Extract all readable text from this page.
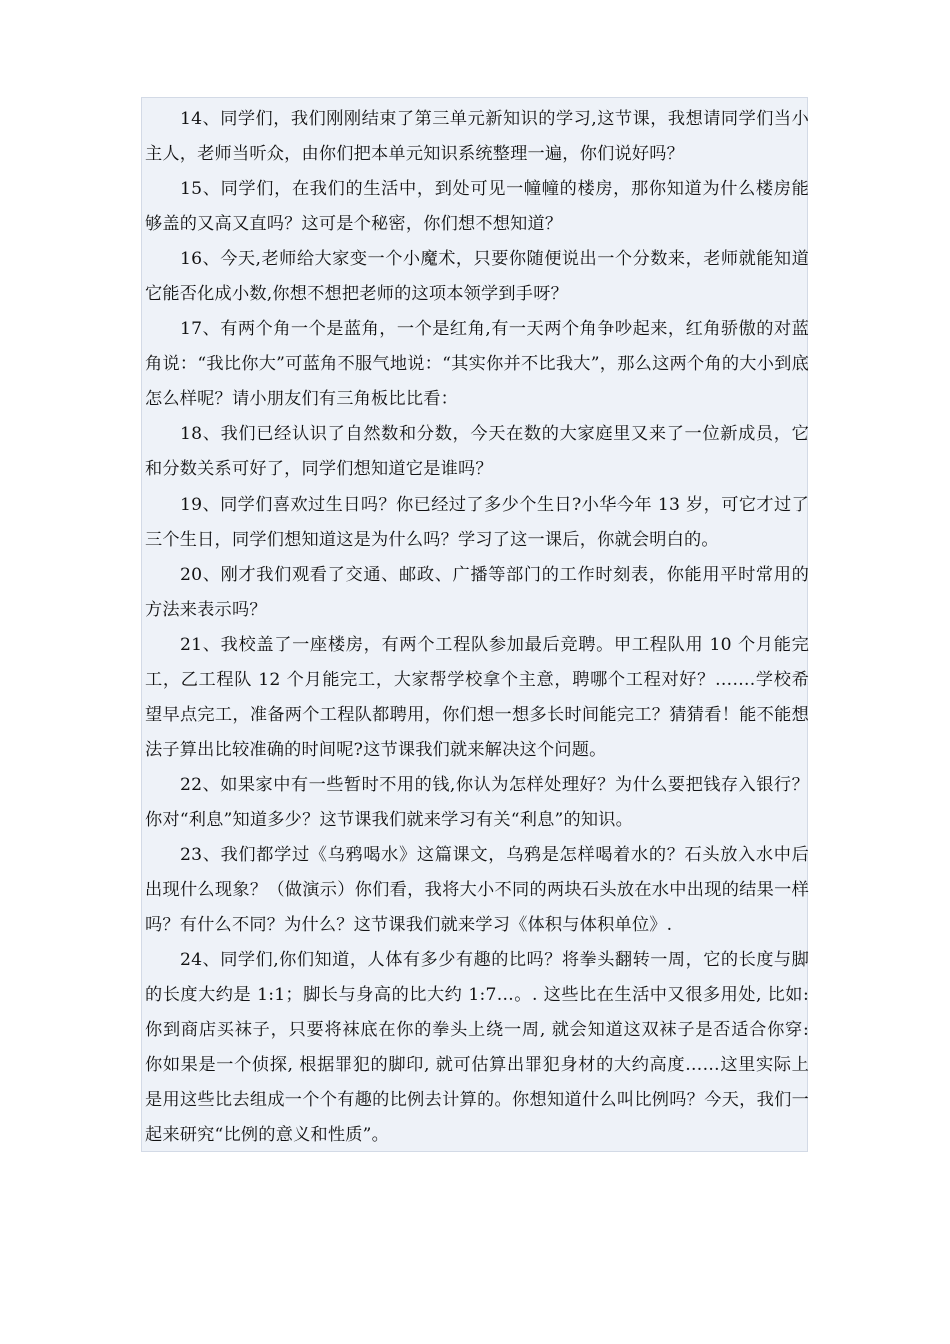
14、同学们，我们刚刚结束了第三单元新知识的学习,这节课，我想请同学们当小主人，老师当听众，由你们把本单元知识系统整理一遍，你们说好吗？

15、同学们，在我们的生活中，到处可见一幢幢的楼房，那你知道为什么楼房能够盖的又高又直吗？这可是个秘密，你们想不想知道？

16、今天,老师给大家变一个小魔术，只要你随便说出一个分数来，老师就能知道它能否化成小数,你想不想把老师的这项本领学到手呀？

17、有两个角一个是蓝角，一个是红角,有一天两个角争吵起来，红角骄傲的对蓝角说：“我比你大”可蓝角不服气地说：“其实你并不比我大”，那么这两个角的大小到底怎么样呢？请小朋友们有三角板比比看：

18、我们已经认识了自然数和分数，今天在数的大家庭里又来了一位新成员，它和分数关系可好了，同学们想知道它是谁吗？

19、同学们喜欢过生日吗？你已经过了多少个生日?小华今年 13 岁，可它才过了三个生日，同学们想知道这是为什么吗？学习了这一课后，你就会明白的。

20、刚才我们观看了交通、邮政、广播等部门的工作时刻表，你能用平时常用的方法来表示吗？

21、我校盖了一座楼房，有两个工程队参加最后竞聘。甲工程队用 10 个月能完工，乙工程队 12 个月能完工，大家帮学校拿个主意，聘哪个工程对好？…….学校希望早点完工，准备两个工程队都聘用，你们想一想多长时间能完工？猜猜看！能不能想法子算出比较准确的时间呢?这节课我们就来解决这个问题。

22、如果家中有一些暂时不用的钱,你认为怎样处理好？为什么要把钱存入银行？你对“利息”知道多少？这节课我们就来学习有关“利息”的知识。

23、我们都学过《乌鸦喝水》这篇课文，乌鸦是怎样喝着水的？石头放入水中后出现什么现象？（做演示）你们看，我将大小不同的两块石头放在水中出现的结果一样吗？有什么不同？为什么？这节课我们就来学习《体积与体积单位》.

24、同学们,你们知道，人体有多少有趣的比吗？将拳头翻转一周，它的长度与脚的长度大约是 1:1；脚长与身高的比大约 1:7…。. 这些比在生活中又很多用处, 比如: 你到商店买袜子，只要将袜底在你的拳头上绕一周, 就会知道这双袜子是否适合你穿: 你如果是一个侦探, 根据罪犯的脚印, 就可估算出罪犯身材的大约高度……这里实际上是用这些比去组成一个个有趣的比例去计算的。你想知道什么叫比例吗？今天，我们一起来研究“比例的意义和性质”。
